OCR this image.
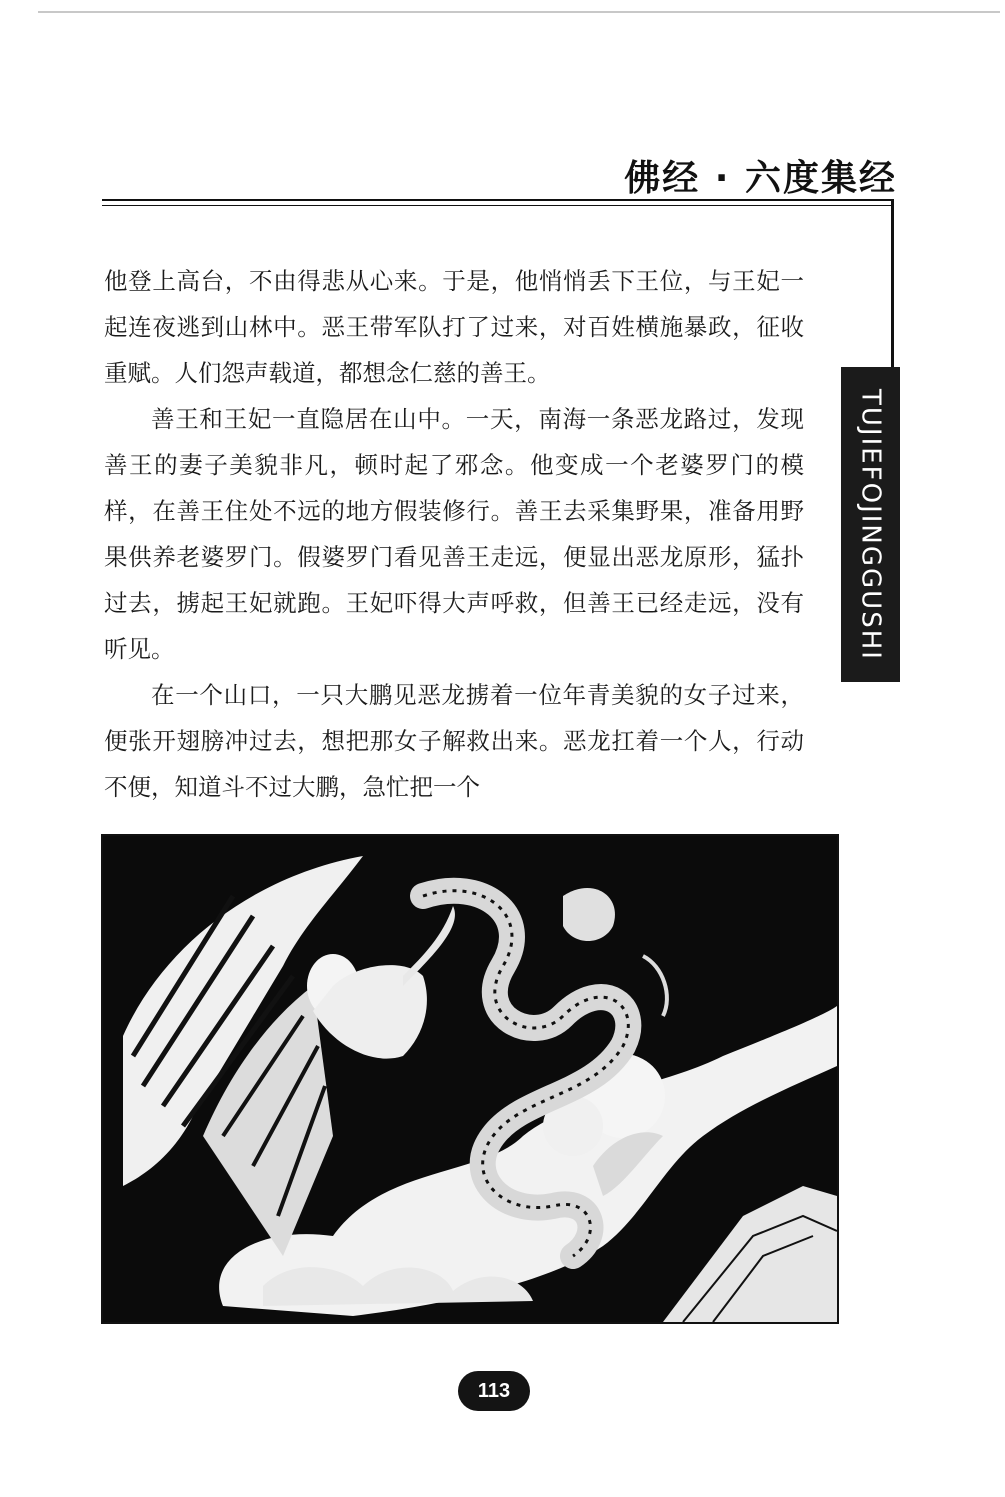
佛经 · 六度集经
TUJIEFOJINGGUSHI

他登上高台，不由得悲从心来。于是，他悄悄丢下王位，与王妃一起连夜逃到山林中。恶王带军队打了过来，对百姓横施暴政，征收重赋。人们怨声载道，都想念仁慈的善王。

善王和王妃一直隐居在山中。一天，南海一条恶龙路过，发现善王的妻子美貌非凡，顿时起了邪念。他变成一个老婆罗门的模样，在善王住处不远的地方假装修行。善王去采集野果，准备用野果供养老婆罗门。假婆罗门看见善王走远，便显出恶龙原形，猛扑过去，掳起王妃就跑。王妃吓得大声呼救，但善王已经走远，没有听见。

在一个山口，一只大鹏见恶龙掳着一位年青美貌的女子过来，便张开翅膀冲过去，想把那女子解救出来。恶龙扛着一个人，行动不便，知道斗不过大鹏，急忙把一个

113
